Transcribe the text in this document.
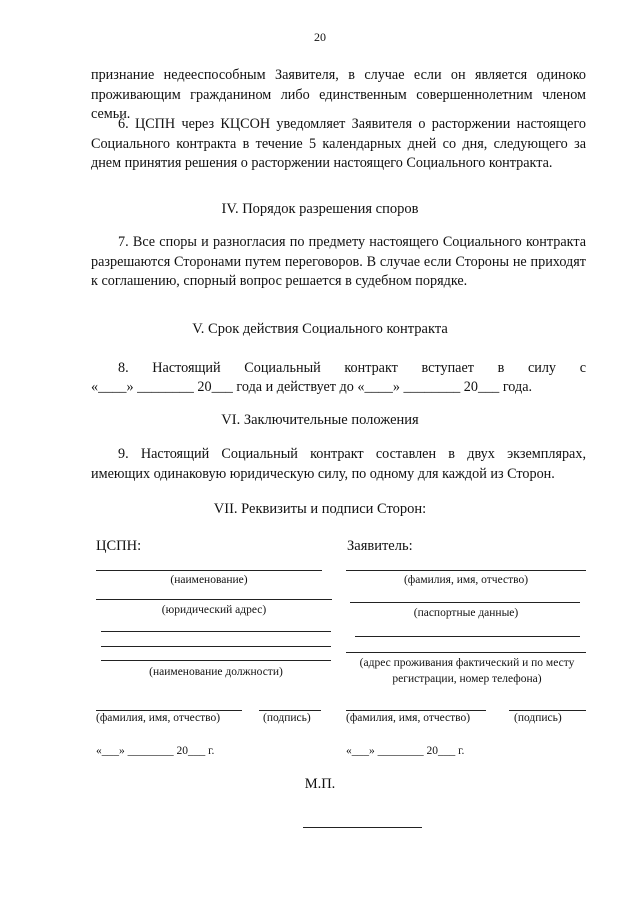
20
признание недееспособным Заявителя, в случае если он является одиноко проживающим гражданином либо единственным совершеннолетним членом семьи.
6. ЦСПН через КЦСОН уведомляет Заявителя о расторжении настоящего Социального контракта в течение 5 календарных дней со дня, следующего за днем принятия решения о расторжении настоящего Социального контракта.
IV. Порядок разрешения споров
7. Все споры и разногласия по предмету настоящего Социального контракта разрешаются Сторонами путем переговоров. В случае если Стороны не приходят к соглашению, спорный вопрос решается в судебном порядке.
V. Срок действия Социального контракта
8. Настоящий Социальный контракт вступает в силу с
«____» ________ 20___ года и действует до «____» ________ 20___ года.
VI. Заключительные положения
9. Настоящий Социальный контракт составлен в двух экземплярах, имеющих одинаковую юридическую силу, по одному для каждой из Сторон.
VII. Реквизиты и подписи Сторон:
ЦСПН:
(наименование)
(юридический адрес)
(наименование должности)
(фамилия, имя, отчество)	(подпись)
«___» ________ 20___ г.
Заявитель:
(фамилия, имя, отчество)
(паспортные данные)
(адрес проживания фактический и по месту регистрации, номер телефона)
(фамилия, имя, отчество)	(подпись)
«___» ________ 20___ г.
М.П.
